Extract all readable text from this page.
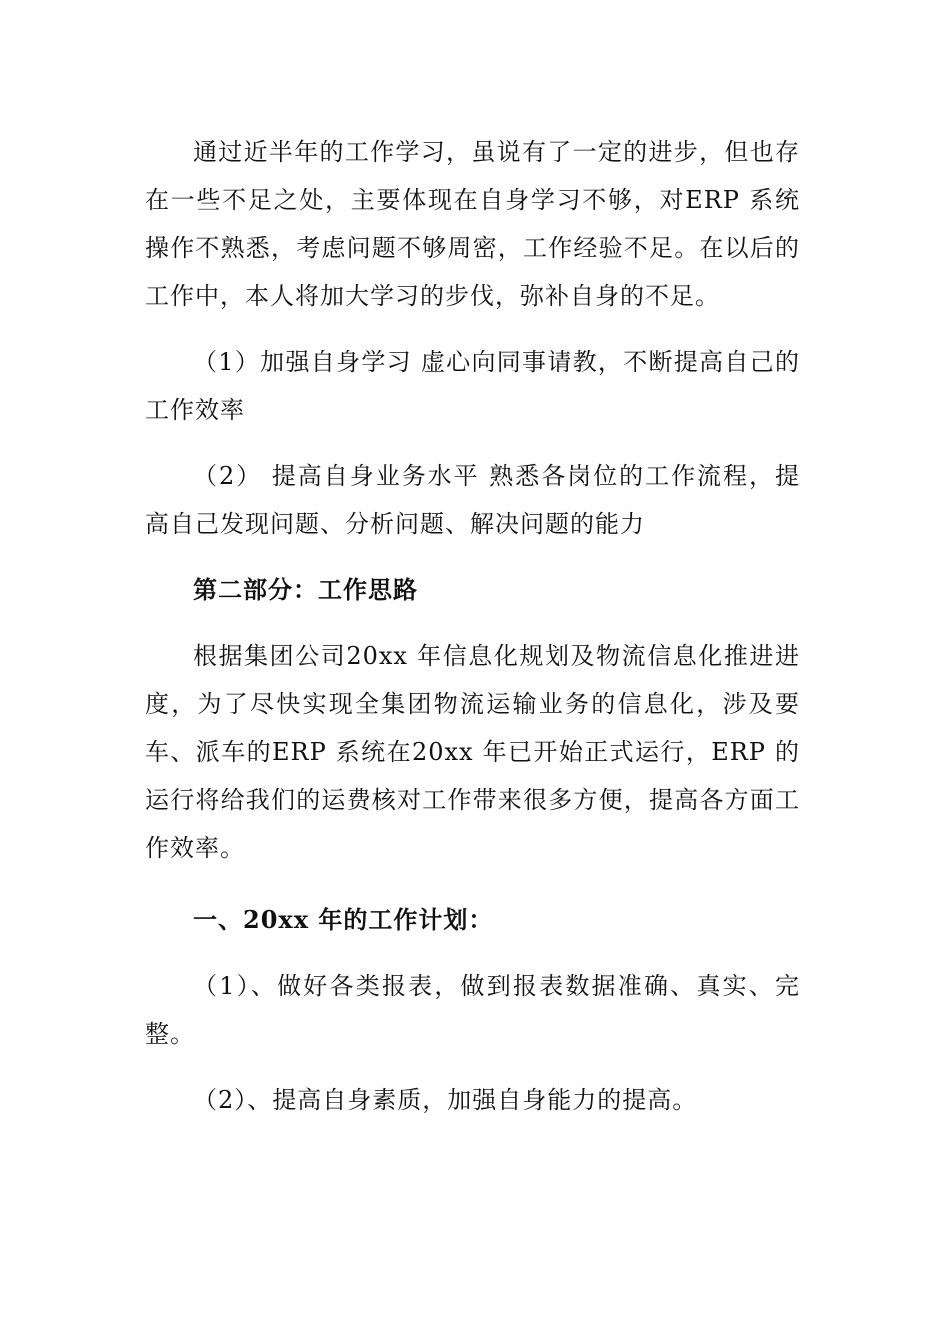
通过近半年的工作学习，虽说有了一定的进步，但也存在一些不足之处，主要体现在自身学习不够，对ERP 系统操作不熟悉，考虑问题不够周密，工作经验不足。在以后的工作中，本人将加大学习的步伐，弥补自身的不足。

（1）加强自身学习 虚心向同事请教，不断提高自己的工作效率

（2） 提高自身业务水平 熟悉各岗位的工作流程，提高自己发现问题、分析问题、解决问题的能力

第二部分：工作思路

根据集团公司20xx 年信息化规划及物流信息化推进进度，为了尽快实现全集团物流运输业务的信息化，涉及要车、派车的ERP 系统在20xx 年已开始正式运行，ERP 的运行将给我们的运费核对工作带来很多方便，提高各方面工作效率。

一、20xx 年的工作计划：

（1）、做好各类报表，做到报表数据准确、真实、完整。

（2）、提高自身素质，加强自身能力的提高。
